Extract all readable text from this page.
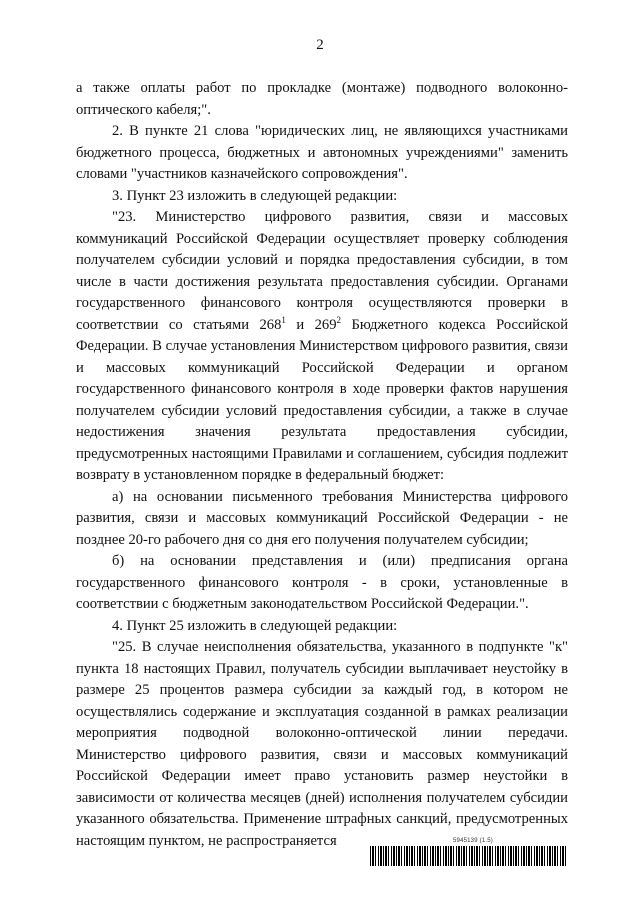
2

а также оплаты работ по прокладке (монтаже) подводного волоконно-оптического кабеля;".

2. В пункте 21 слова "юридических лиц, не являющихся участниками бюджетного процесса, бюджетных и автономных учреждениями" заменить словами "участников казначейского сопровождения".

3. Пункт 23 изложить в следующей редакции:

"23. Министерство цифрового развития, связи и массовых коммуникаций Российской Федерации осуществляет проверку соблюдения получателем субсидии условий и порядка предоставления субсидии, в том числе в части достижения результата предоставления субсидии. Органами государственного финансового контроля осуществляются проверки в соответствии со статьями $268^1$ и $269^2$ Бюджетного кодекса Российской Федерации. В случае установления Министерством цифрового развития, связи и массовых коммуникаций Российской Федерации и органом государственного финансового контроля в ходе проверки фактов нарушения получателем субсидии условий предоставления субсидии, а также в случае недостижения значения результата предоставления субсидии, предусмотренных настоящими Правилами и соглашением, субсидия подлежит возврату в установленном порядке в федеральный бюджет:

а) на основании письменного требования Министерства цифрового развития, связи и массовых коммуникаций Российской Федерации - не позднее 20-го рабочего дня со дня его получения получателем субсидии;

б) на основании представления и (или) предписания органа государственного финансового контроля - в сроки, установленные в соответствии с бюджетным законодательством Российской Федерации.".

4. Пункт 25 изложить в следующей редакции:

"25. В случае неисполнения обязательства, указанного в подпункте "к" пункта 18 настоящих Правил, получатель субсидии выплачивает неустойку в размере 25 процентов размера субсидии за каждый год, в котором не осуществлялись содержание и эксплуатация созданной в рамках реализации мероприятия подводной волоконно-оптической линии передачи. Министерство цифрового развития, связи и массовых коммуникаций Российской Федерации имеет право установить размер неустойки в зависимости от количества месяцев (дней) исполнения получателем субсидии указанного обязательства. Применение штрафных санкций, предусмотренных настоящим пунктом, не распространяется	5945139 (1.5)
